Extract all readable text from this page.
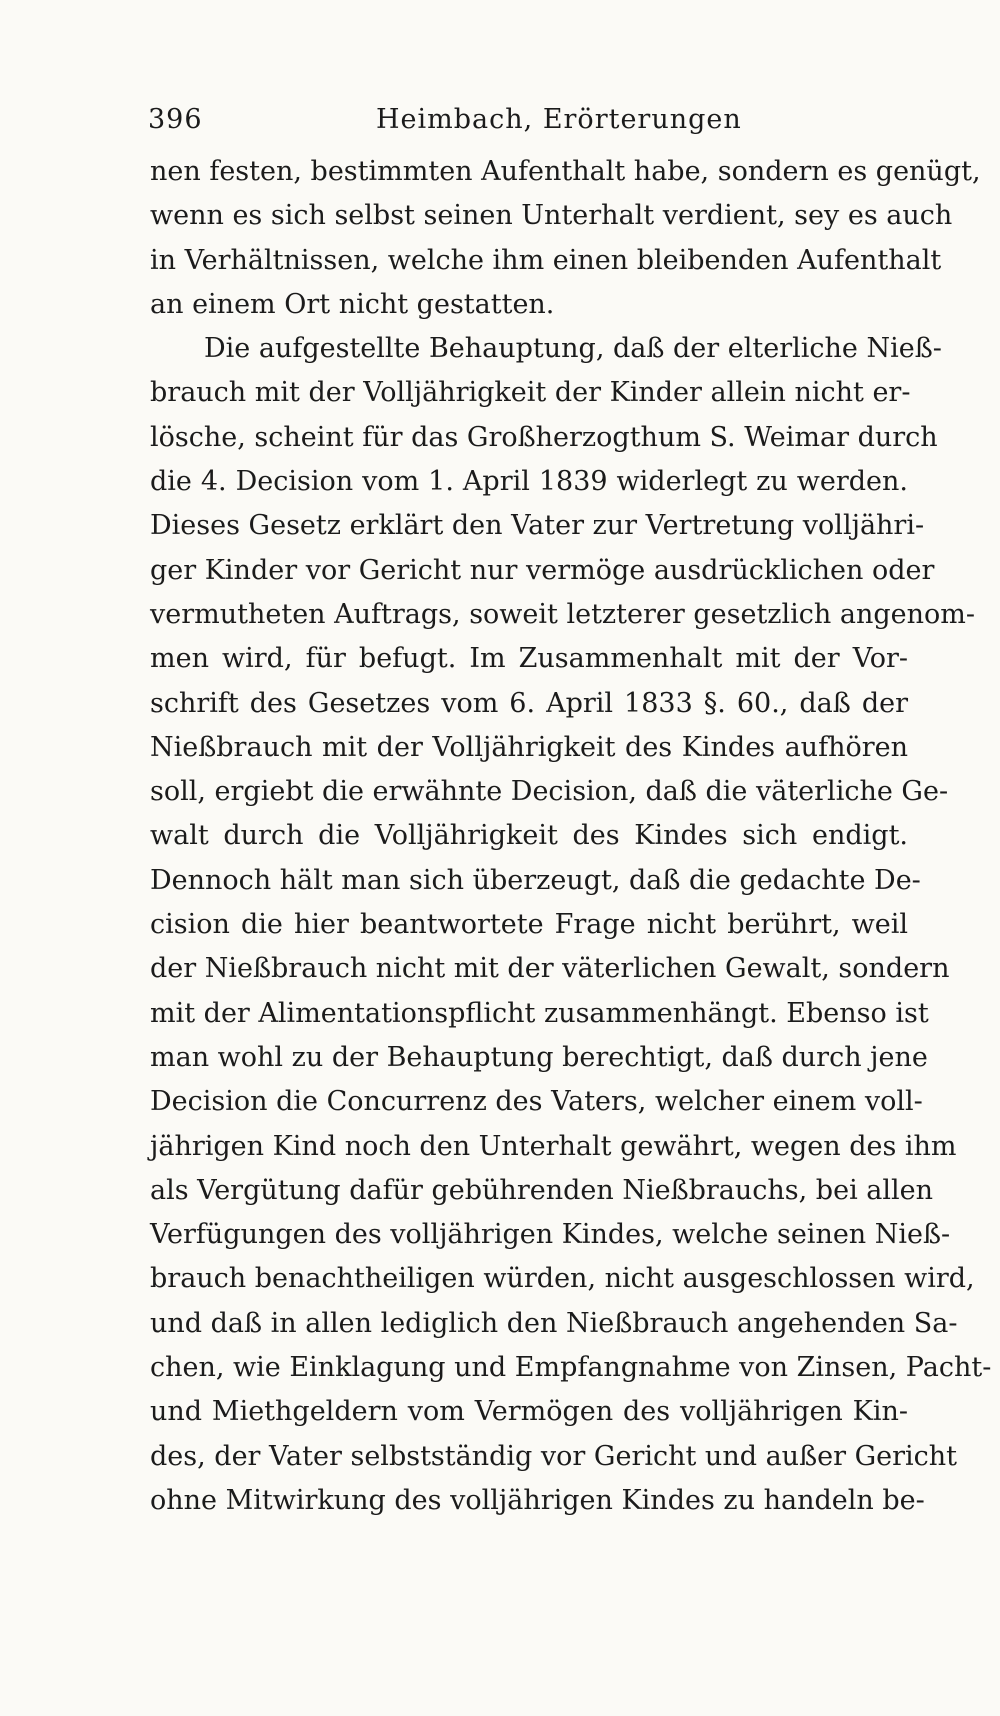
396	Heimbach, Erörterungen
nen festen, bestimmten Aufenthalt habe, sondern es genügt,
wenn es sich selbst seinen Unterhalt verdient, sey es auch
in Verhältnissen, welche ihm einen bleibenden Aufenthalt
an einem Ort nicht gestatten.
Die aufgestellte Behauptung, daß der elterliche Nieß-
brauch mit der Volljährigkeit der Kinder allein nicht er-
lösche, scheint für das Großherzogthum S. Weimar durch
die 4. Decision vom 1. April 1839 widerlegt zu werden.
Dieses Gesetz erklärt den Vater zur Vertretung volljähri-
ger Kinder vor Gericht nur vermöge ausdrücklichen oder
vermutheten Auftrags, soweit letzterer gesetzlich angenom-
men wird, für befugt. Im Zusammenhalt mit der Vor-
schrift des Gesetzes vom 6. April 1833 §. 60., daß der
Nießbrauch mit der Volljährigkeit des Kindes aufhören
soll, ergiebt die erwähnte Decision, daß die väterliche Ge-
walt durch die Volljährigkeit des Kindes sich endigt.
Dennoch hält man sich überzeugt, daß die gedachte De-
cision die hier beantwortete Frage nicht berührt, weil
der Nießbrauch nicht mit der väterlichen Gewalt, sondern
mit der Alimentationspflicht zusammenhängt. Ebenso ist
man wohl zu der Behauptung berechtigt, daß durch jene
Decision die Concurrenz des Vaters, welcher einem voll-
jährigen Kind noch den Unterhalt gewährt, wegen des ihm
als Vergütung dafür gebührenden Nießbrauchs, bei allen
Verfügungen des volljährigen Kindes, welche seinen Nieß-
brauch benachtheiligen würden, nicht ausgeschlossen wird,
und daß in allen lediglich den Nießbrauch angehenden Sa-
chen, wie Einklagung und Empfangnahme von Zinsen, Pacht-
und Miethgeldern vom Vermögen des volljährigen Kin-
des, der Vater selbstständig vor Gericht und außer Gericht
ohne Mitwirkung des volljährigen Kindes zu handeln be-
